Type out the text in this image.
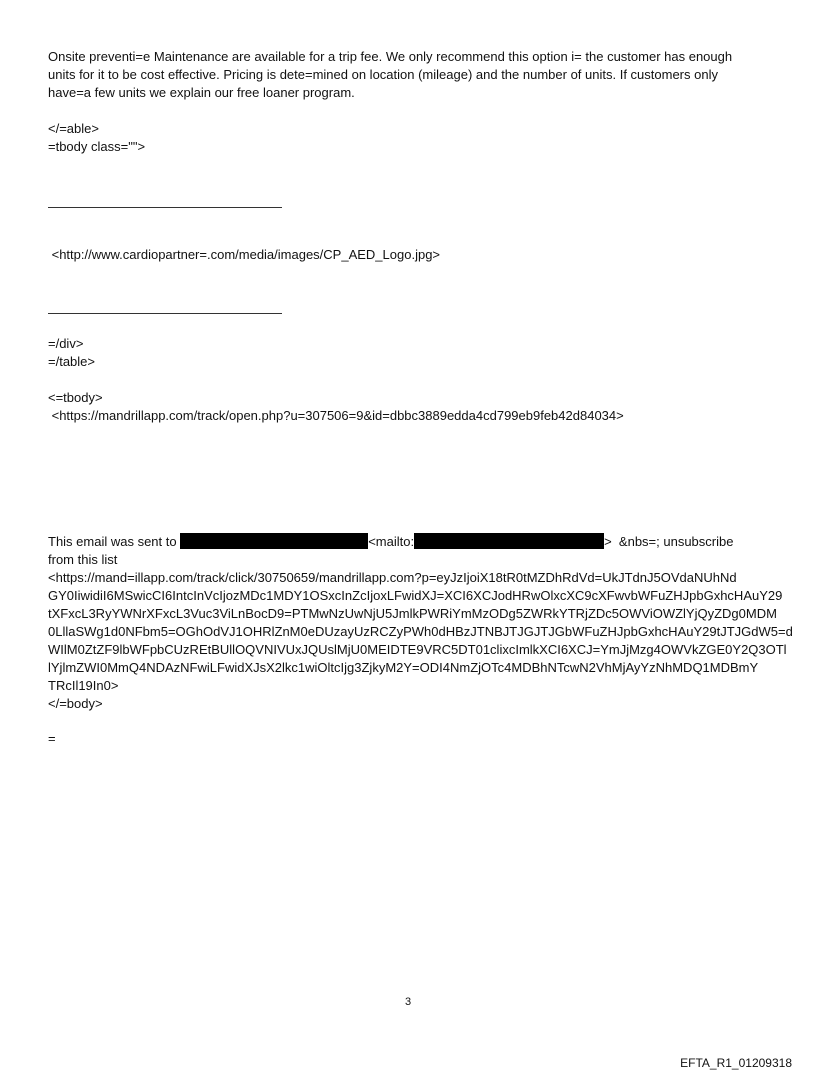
Onsite preventi=e Maintenance are available for a trip fee. We only recommend this option i= the customer has enough
units for it to be cost effective. Pricing is dete=mined on location (mileage) and the number of units. If customers only
have=a few units we explain our free loaner program.
</=able>
=tbody class="">
<http://www.cardiopartner=.com/media/images/CP_AED_Logo.jpg>
=/div>
=/table>
<=tbody>
<https://mandrillapp.com/track/open.php?u=307506=9&id=dbbc3889edda4cd799eb9feb42d84034>
This email was sent to	<mailto:	>  &nbs=; unsubscribe
from this list
<https://mand=illapp.com/track/click/30750659/mandrillapp.com?p=eyJzIjoiX18tR0tMZDhRdVd=UkJTdnJ5OVdaNUhNd
GY0IiwidiI6MSwicCI6IntcInVcIjozMDc1MDY1OSxcInZcIjoxLFwidXJ=XCI6XCJodHRwOlxcXC9cXFwvbWFuZHJpbGxhcHAuY29
tXFxcL3RyYWNrXFxcL3Vuc3ViLnBocD9=PTMwNzUwNjU5JmlkPWRiYmMzODg5ZWRkYTRjZDc5OWViOWZlYjQyZDg0MDM
0LllaSWg1d0NFbm5=OGhOdVJ1OHRlZnM0eDUzayUzRCZyPWh0dHBzJTNBJTJGJTJGbWFuZHJpbGxhcHAuY29tJTJGdW5=d
WIlM0ZtZF9lbWFpbCUzREtBUllOQVNIVUxJQUslMjU0MEIDTE9VRC5DT01clixcImlkXCI6XCJ=YmJjMzg4OWVkZGE0Y2Q3OTl
lYjlmZWI0MmQ4NDAzNFwiLFwidXJsX2lkc1wiOltcIjg3ZjkyM2Y=ODI4NmZjOTc4MDBhNTcwN2VhMjAyYzNhMDQ1MDBmY
TRcIl19In0>
</=body>
=
3
EFTA_R1_01209318
